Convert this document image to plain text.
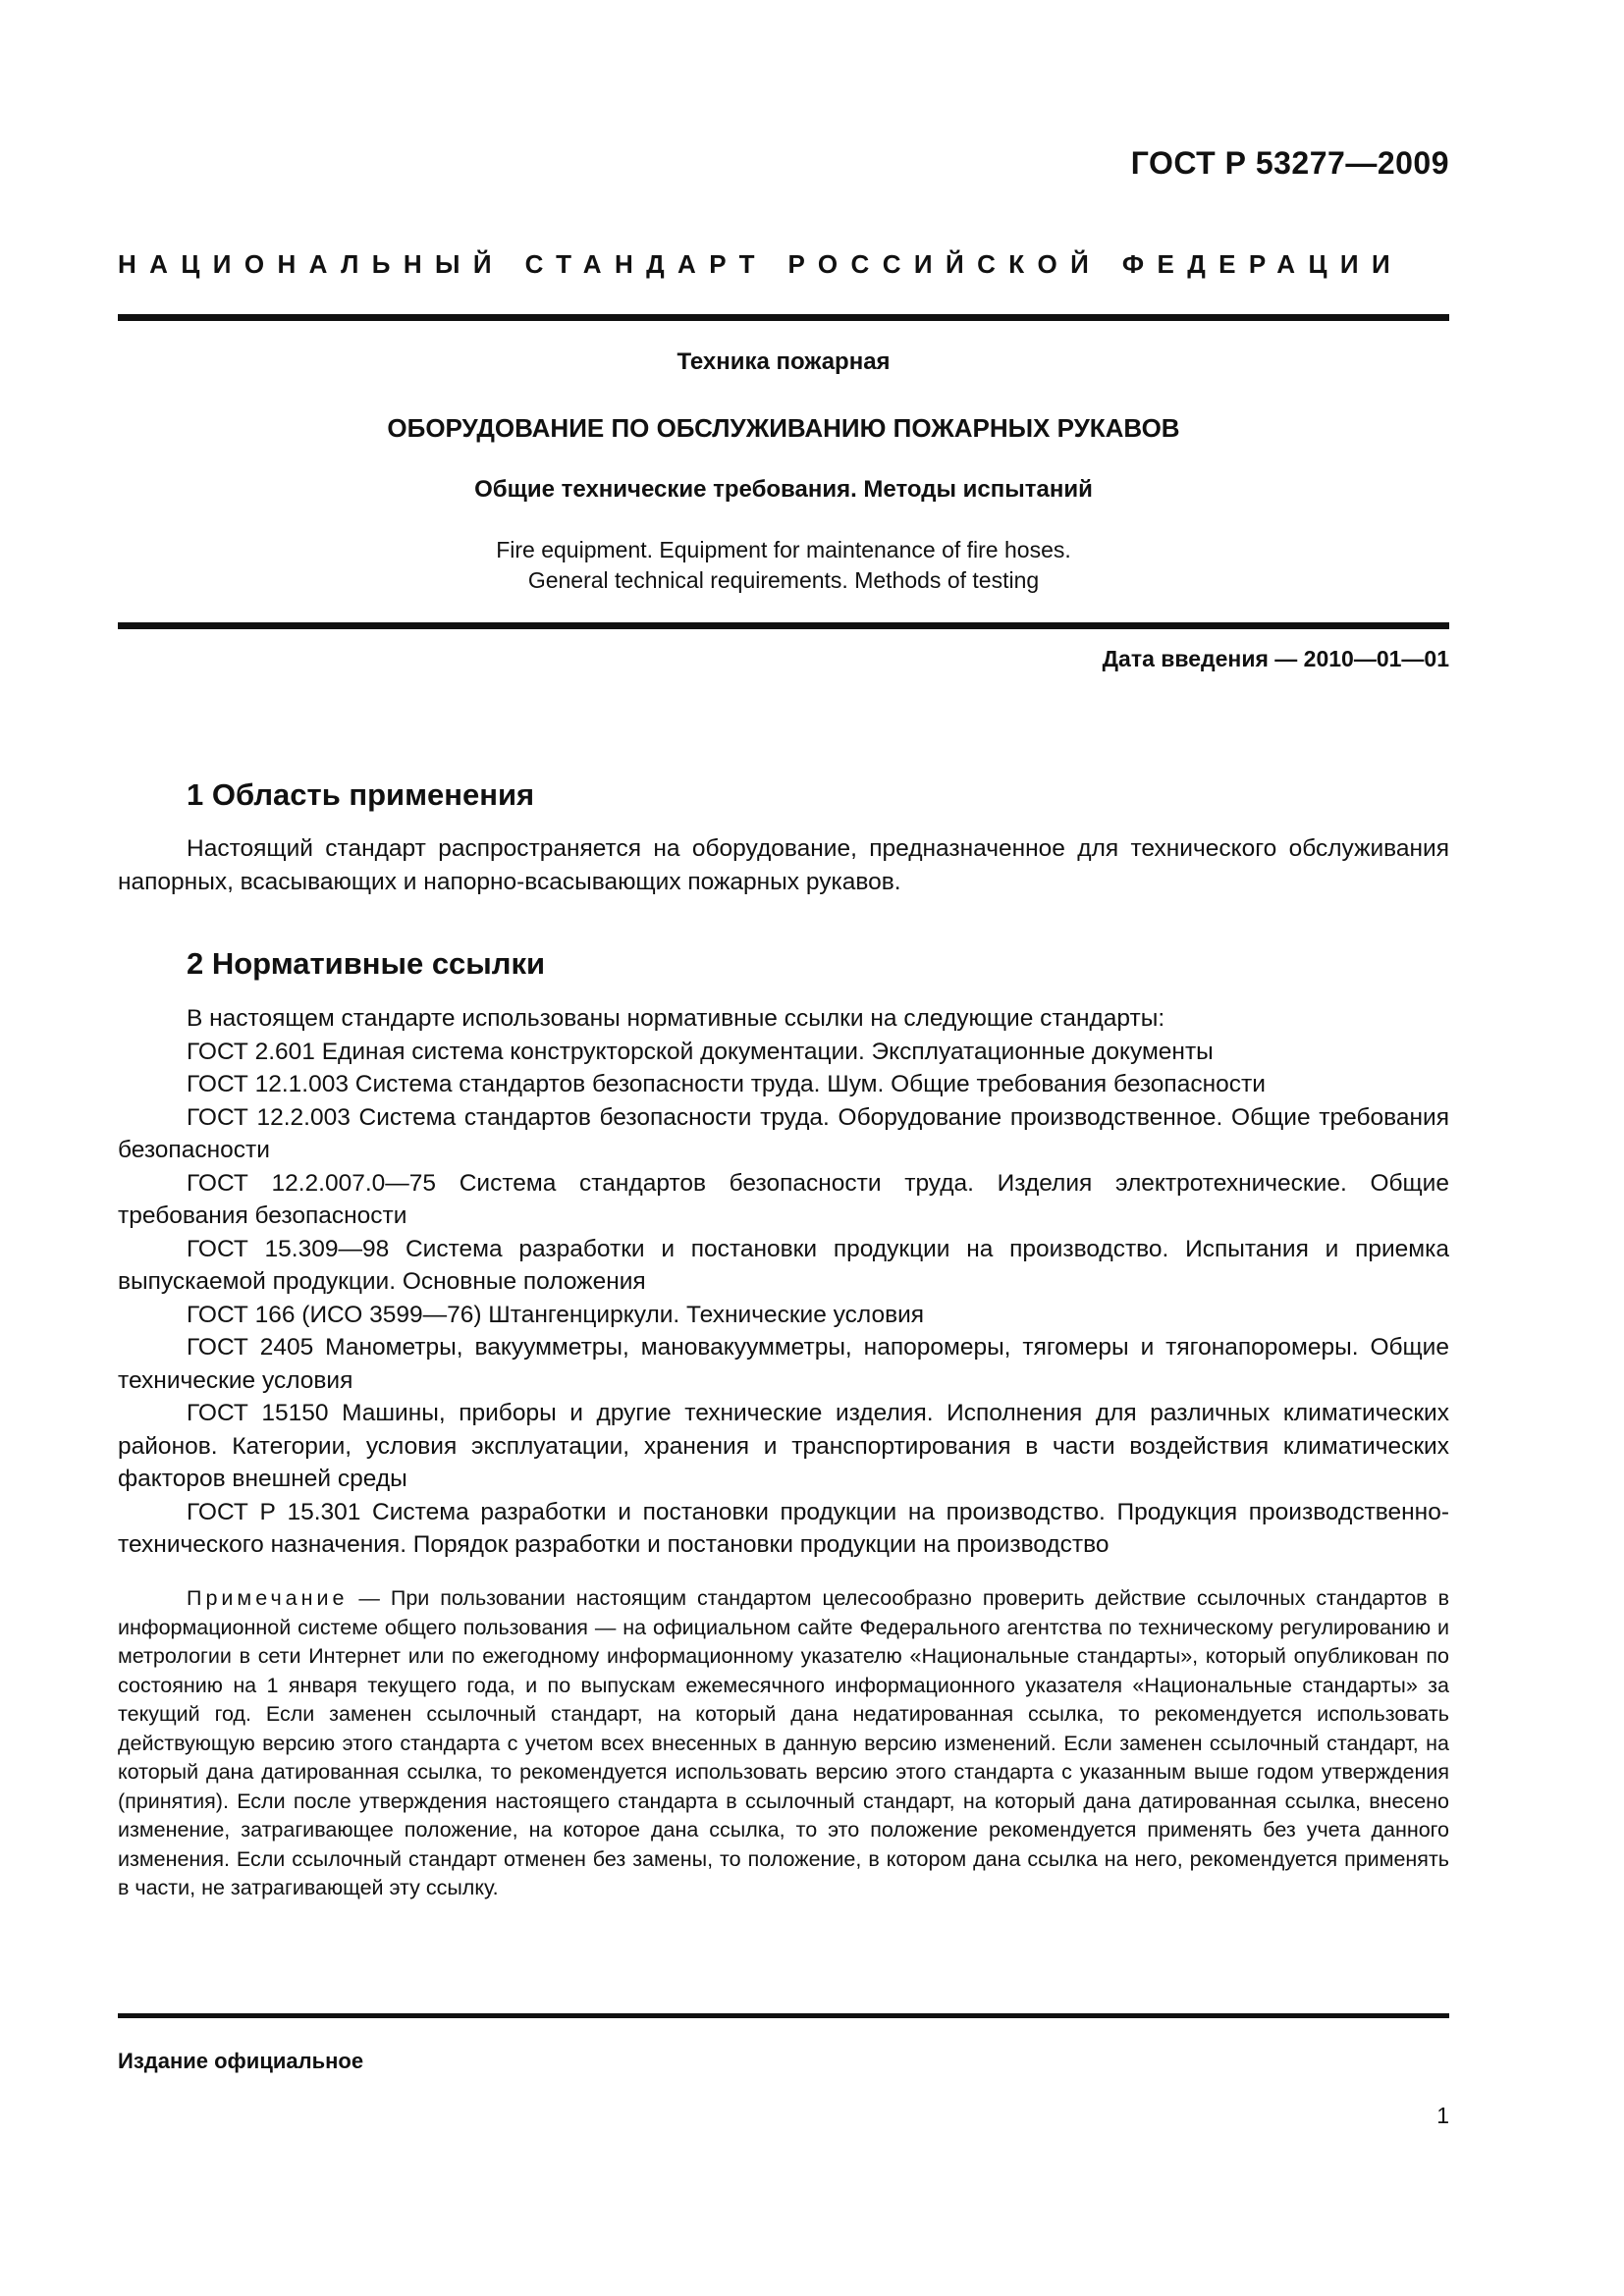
ГОСТ Р 53277—2009
НАЦИОНАЛЬНЫЙ СТАНДАРТ РОССИЙСКОЙ ФЕДЕРАЦИИ
Техника пожарная
ОБОРУДОВАНИЕ ПО ОБСЛУЖИВАНИЮ ПОЖАРНЫХ РУКАВОВ
Общие технические требования. Методы испытаний
Fire equipment. Equipment for maintenance of fire hoses.
General technical requirements. Methods of testing
Дата введения — 2010—01—01
1 Область применения
Настоящий стандарт распространяется на оборудование, предназначенное для технического обслуживания напорных, всасывающих и напорно-всасывающих пожарных рукавов.
2 Нормативные ссылки

В настоящем стандарте использованы нормативные ссылки на следующие стандарты:

ГОСТ 2.601 Единая система конструкторской документации. Эксплуатационные документы

ГОСТ 12.1.003 Система стандартов безопасности труда. Шум. Общие требования безопасности

ГОСТ 12.2.003 Система стандартов безопасности труда. Оборудование производственное. Общие требования безопасности

ГОСТ 12.2.007.0—75 Система стандартов безопасности труда. Изделия электротехнические. Общие требования безопасности

ГОСТ 15.309—98 Система разработки и постановки продукции на производство. Испытания и приемка выпускаемой продукции. Основные положения

ГОСТ 166 (ИСО 3599—76) Штангенциркули. Технические условия

ГОСТ 2405 Манометры, вакуумметры, мановакуумметры, напоромеры, тягомеры и тягонапоромеры. Общие технические условия

ГОСТ 15150 Машины, приборы и другие технические изделия. Исполнения для различных климатических районов. Категории, условия эксплуатации, хранения и транспортирования в части воздействия климатических факторов внешней среды

ГОСТ Р 15.301 Система разработки и постановки продукции на производство. Продукция производственно-технического назначения. Порядок разработки и постановки продукции на производство

Примечание — При пользовании настоящим стандартом целесообразно проверить действие ссылочных стандартов в информационной системе общего пользования — на официальном сайте Федерального агентства по техническому регулированию и метрологии в сети Интернет или по ежегодному информационному указателю «Национальные стандарты», который опубликован по состоянию на 1 января текущего года, и по выпускам ежемесячного информационного указателя «Национальные стандарты» за текущий год. Если заменен ссылочный стандарт, на который дана недатированная ссылка, то рекомендуется использовать действующую версию этого стандарта с учетом всех внесенных в данную версию изменений. Если заменен ссылочный стандарт, на который дана датированная ссылка, то рекомендуется использовать версию этого стандарта с указанным выше годом утверждения (принятия). Если после утверждения настоящего стандарта в ссылочный стандарт, на который дана датированная ссылка, внесено изменение, затрагивающее положение, на которое дана ссылка, то это положение рекомендуется применять без учета данного изменения. Если ссылочный стандарт отменен без замены, то положение, в котором дана ссылка на него, рекомендуется применять в части, не затрагивающей эту ссылку.
Издание официальное
1
